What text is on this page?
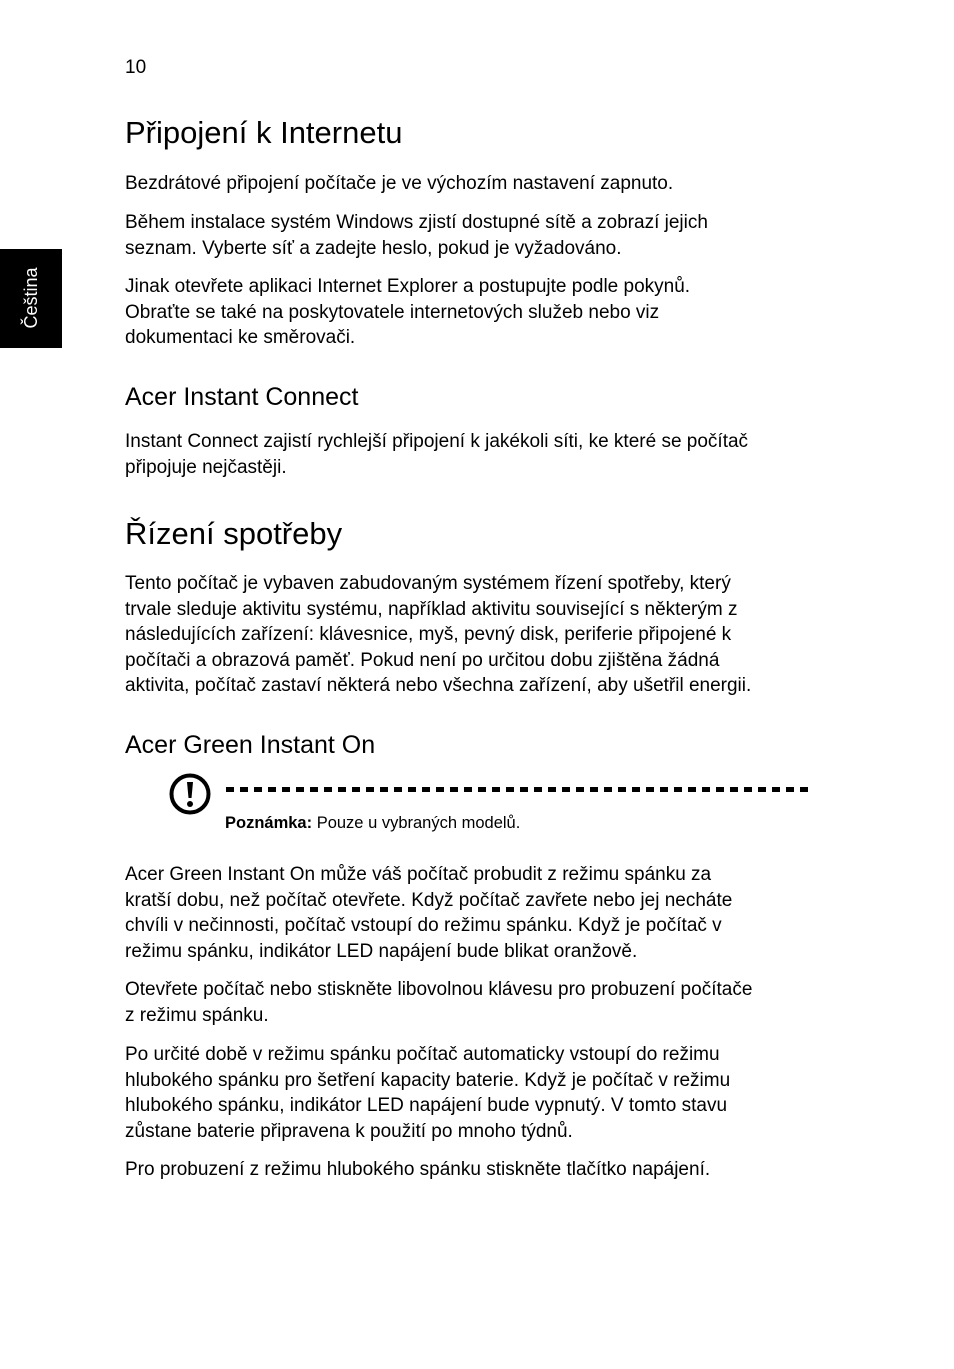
10
Čeština
Připojení k Internetu
Bezdrátové připojení počítače je ve výchozím nastavení zapnuto.
Během instalace systém Windows zjistí dostupné sítě a zobrazí jejich
seznam. Vyberte síť a zadejte heslo, pokud je vyžadováno.
Jinak otevřete aplikaci Internet Explorer a postupujte podle pokynů.
Obraťte se také na poskytovatele internetových služeb nebo viz
dokumentaci ke směrovači.
Acer Instant Connect
Instant Connect zajistí rychlejší připojení k jakékoli síti, ke které se počítač
připojuje nejčastěji.
Řízení spotřeby
Tento počítač je vybaven zabudovaným systémem řízení spotřeby, který
trvale sleduje aktivitu systému, například aktivitu související s některým z
následujících zařízení: klávesnice, myš, pevný disk, periferie připojené k
počítači a obrazová paměť. Pokud není po určitou dobu zjištěna žádná
aktivita, počítač zastaví některá nebo všechna zařízení, aby ušetřil energii.
Acer Green Instant On
Poznámka: Pouze u vybraných modelů.
Acer Green Instant On může váš počítač probudit z režimu spánku za
kratší dobu, než počítač otevřete. Když počítač zavřete nebo jej necháte
chvíli v nečinnosti, počítač vstoupí do režimu spánku. Když je počítač v
režimu spánku, indikátor LED napájení bude blikat oranžově.
Otevřete počítač nebo stiskněte libovolnou klávesu pro probuzení počítače
z režimu spánku.
Po určité době v režimu spánku počítač automaticky vstoupí do režimu
hlubokého spánku pro šetření kapacity baterie. Když je počítač v režimu
hlubokého spánku, indikátor LED napájení bude vypnutý. V tomto stavu
zůstane baterie připravena k použití po mnoho týdnů.
Pro probuzení z režimu hlubokého spánku stiskněte tlačítko napájení.
